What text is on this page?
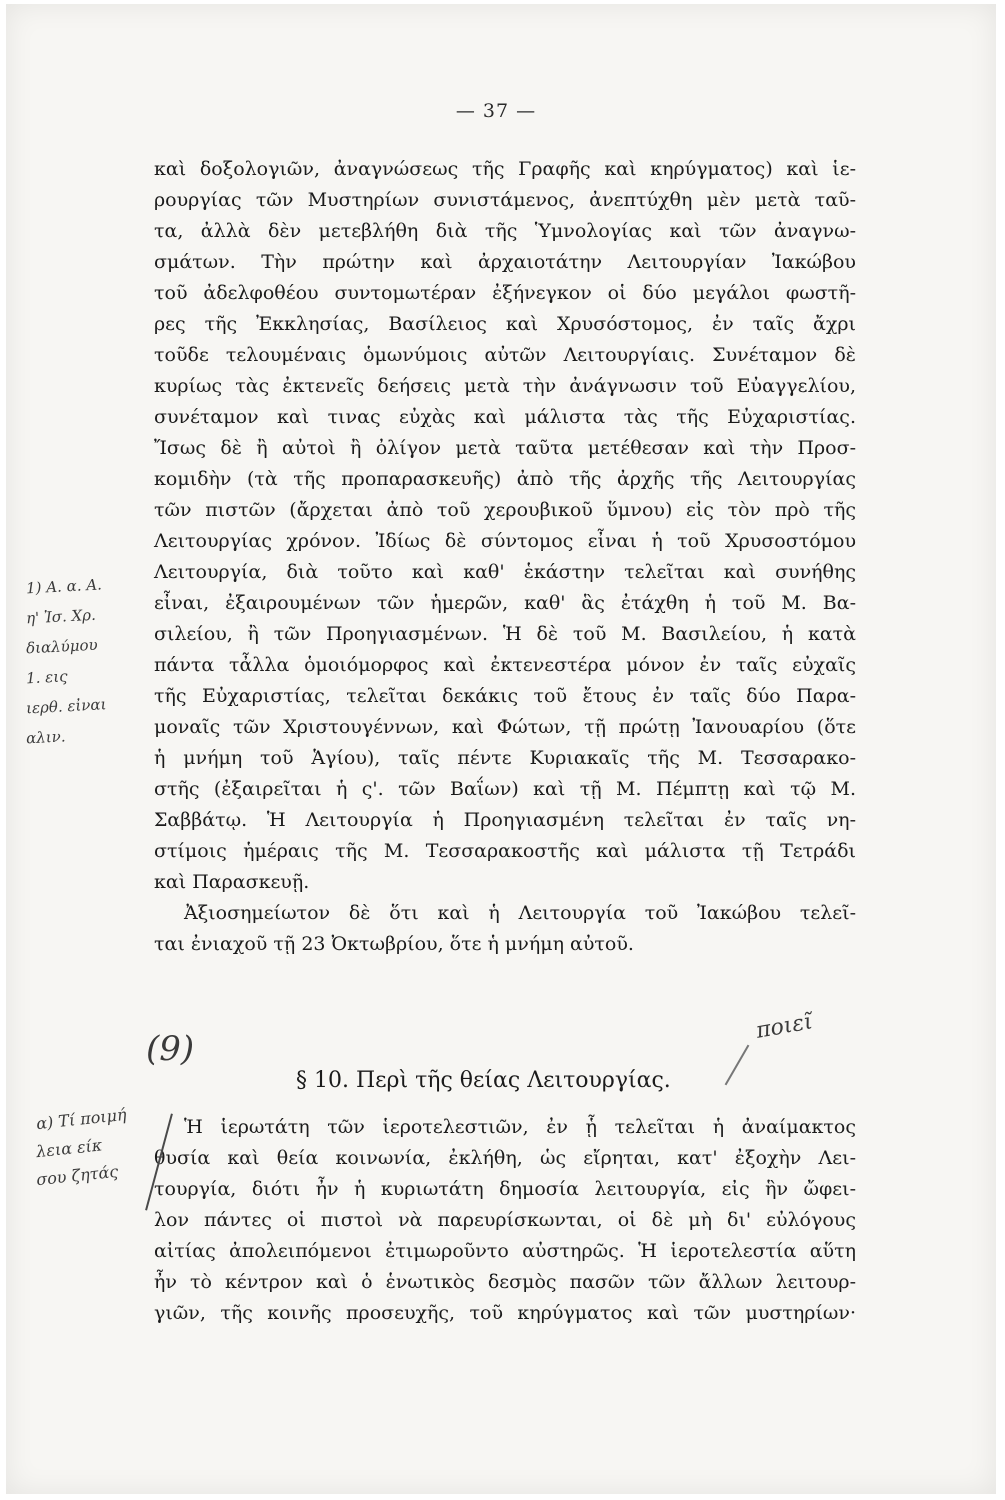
— 37 —
καὶ δοξολογιῶν, ἀναγνώσεως τῆς Γραφῆς καὶ κηρύγματος) καὶ ἱε-
ρουργίας τῶν Μυστηρίων συνιστάμενος, ἀνεπτύχθη μὲν μετὰ ταῦ-
τα, ἀλλὰ δὲν μετεβλήθη διὰ τῆς Ὑμνολογίας καὶ τῶν ἀναγνω-
σμάτων. Τὴν πρώτην καὶ ἀρχαιοτάτην Λειτουργίαν Ἰακώβου
τοῦ ἀδελφοθέου συντομωτέραν ἐξήνεγκον οἱ δύο μεγάλοι φωστῆ-
ρες τῆς Ἐκκλησίας, Βασίλειος καὶ Χρυσόστομος, ἐν ταῖς ἄχρι
τοῦδε τελουμέναις ὁμωνύμοις αὐτῶν Λειτουργίαις. Συνέταμον δὲ
κυρίως τὰς ἐκτενεῖς δεήσεις μετὰ τὴν ἀνάγνωσιν τοῦ Εὐαγγελίου,
συνέταμον καὶ τινας εὐχὰς καὶ μάλιστα τὰς τῆς Εὐχαριστίας.
Ἴσως δὲ ἢ αὐτοὶ ἢ ὀλίγον μετὰ ταῦτα μετέθεσαν καὶ τὴν Προσ-
κομιδὴν (τὰ τῆς προπαρασκευῆς) ἀπὸ τῆς ἀρχῆς τῆς Λειτουργίας
τῶν πιστῶν (ἄρχεται ἀπὸ τοῦ χερουβικοῦ ὕμνου) εἰς τὸν πρὸ τῆς
Λειτουργίας χρόνον. Ἰδίως δὲ σύντομος εἶναι ἡ τοῦ Χρυσοστόμου
Λειτουργία, διὰ τοῦτο καὶ καθ' ἑκάστην τελεῖται καὶ συνήθης
εἶναι, ἐξαιρουμένων τῶν ἡμερῶν, καθ' ἃς ἐτάχθη ἡ τοῦ Μ. Βα-
σιλείου, ἢ τῶν Προηγιασμένων. Ἡ δὲ τοῦ Μ. Βασιλείου, ἡ κατὰ
πάντα τἆλλα ὁμοιόμορφος καὶ ἐκτενεστέρα μόνον ἐν ταῖς εὐχαῖς
τῆς Εὐχαριστίας, τελεῖται δεκάκις τοῦ ἔτους ἐν ταῖς δύο Παρα-
μοναῖς τῶν Χριστουγέννων, καὶ Φώτων, τῇ πρώτῃ Ἰανουαρίου (ὅτε
ἡ μνήμη τοῦ Ἁγίου), ταῖς πέντε Κυριακαῖς τῆς Μ. Τεσσαρακο-
στῆς (ἐξαιρεῖται ἡ ς'. τῶν Βαΐων) καὶ τῇ Μ. Πέμπτῃ καὶ τῷ Μ.
Σαββάτῳ. Ἡ Λειτουργία ἡ Προηγιασμένη τελεῖται ἐν ταῖς νη-
στίμοις ἡμέραις τῆς Μ. Τεσσαρακοστῆς καὶ μάλιστα τῇ Τετράδι
καὶ Παρασκευῇ.
Ἀξιοσημείωτον δὲ ὅτι καὶ ἡ Λειτουργία τοῦ Ἰακώβου τελεῖ-
ται ἐνιαχοῦ τῇ 23 Ὀκτωβρίου, ὅτε ἡ μνήμη αὐτοῦ.
§ 10. Περὶ τῆς θείας Λειτουργίας.
Ἡ ἱερωτάτη τῶν ἱεροτελεστιῶν, ἐν ᾗ τελεῖται ἡ ἀναίμακτος
θυσία καὶ θεία κοινωνία, ἐκλήθη, ὡς εἴρηται, κατ' ἐξοχὴν Λει-
τουργία, διότι ἦν ἡ κυριωτάτη δημοσία λειτουργία, εἰς ἣν ὤφει-
λον πάντες οἱ πιστοὶ νὰ παρευρίσκωνται, οἱ δὲ μὴ δι' εὐλόγους
αἰτίας ἀπολειπόμενοι ἐτιμωροῦντο αὐστηρῶς. Ἡ ἱεροτελεστία αὕτη
ἦν τὸ κέντρον καὶ ὁ ἑνωτικὸς δεσμὸς πασῶν τῶν ἄλλων λειτουρ-
γιῶν, τῆς κοινῆς προσευχῆς, τοῦ κηρύγματος καὶ τῶν μυστηρίων·
(9)
ποιεῖ
1) Α. α. Α.
η' Ἰσ. Χρ.
διαλύμου
1. εις
ιερθ. εἰναι
αλιν.
α) Τί ποιμή
λεια είκ
σου ζητάς
